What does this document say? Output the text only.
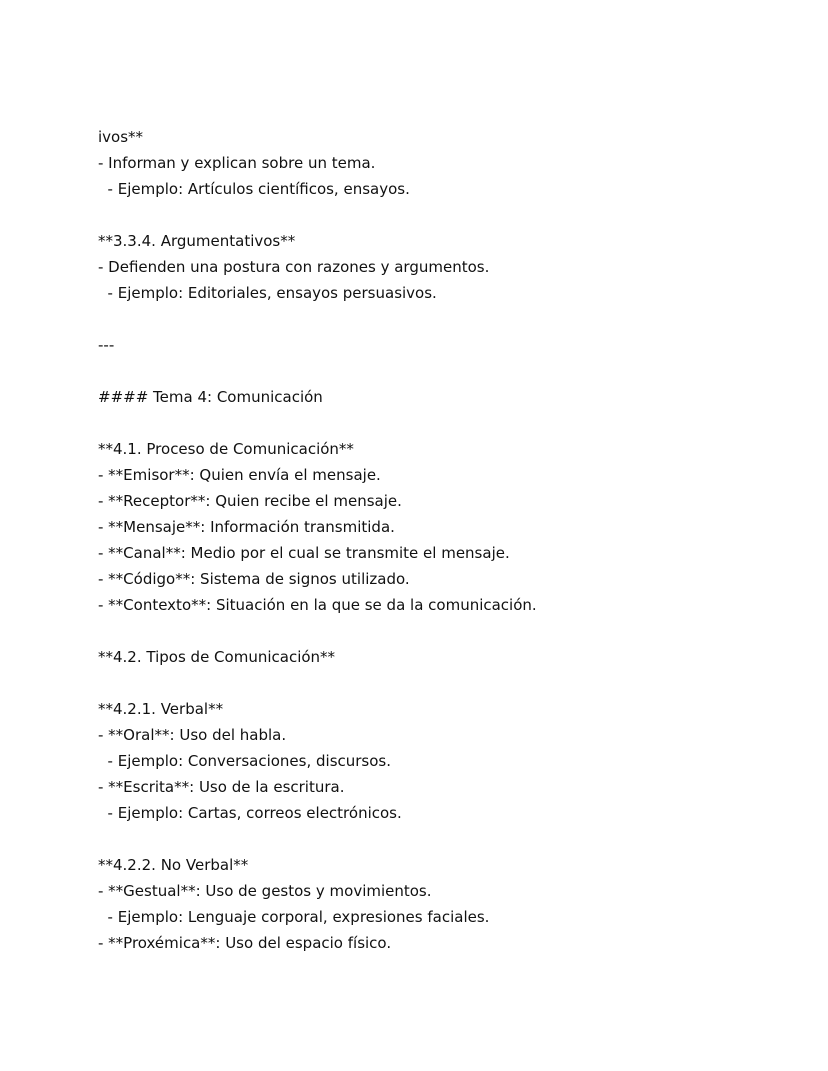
ivos**
- Informan y explican sobre un tema.
- Ejemplo: Artículos científicos, ensayos.
**3.3.4. Argumentativos**
- Defienden una postura con razones y argumentos.
- Ejemplo: Editoriales, ensayos persuasivos.
---
#### Tema 4: Comunicación
**4.1. Proceso de Comunicación**
- **Emisor**: Quien envía el mensaje.
- **Receptor**: Quien recibe el mensaje.
- **Mensaje**: Información transmitida.
- **Canal**: Medio por el cual se transmite el mensaje.
- **Código**: Sistema de signos utilizado.
- **Contexto**: Situación en la que se da la comunicación.
**4.2. Tipos de Comunicación**
**4.2.1. Verbal**
- **Oral**: Uso del habla.
- Ejemplo: Conversaciones, discursos.
- **Escrita**: Uso de la escritura.
- Ejemplo: Cartas, correos electrónicos.
**4.2.2. No Verbal**
- **Gestual**: Uso de gestos y movimientos.
- Ejemplo: Lenguaje corporal, expresiones faciales.
- **Proxémica**: Uso del espacio físico.
